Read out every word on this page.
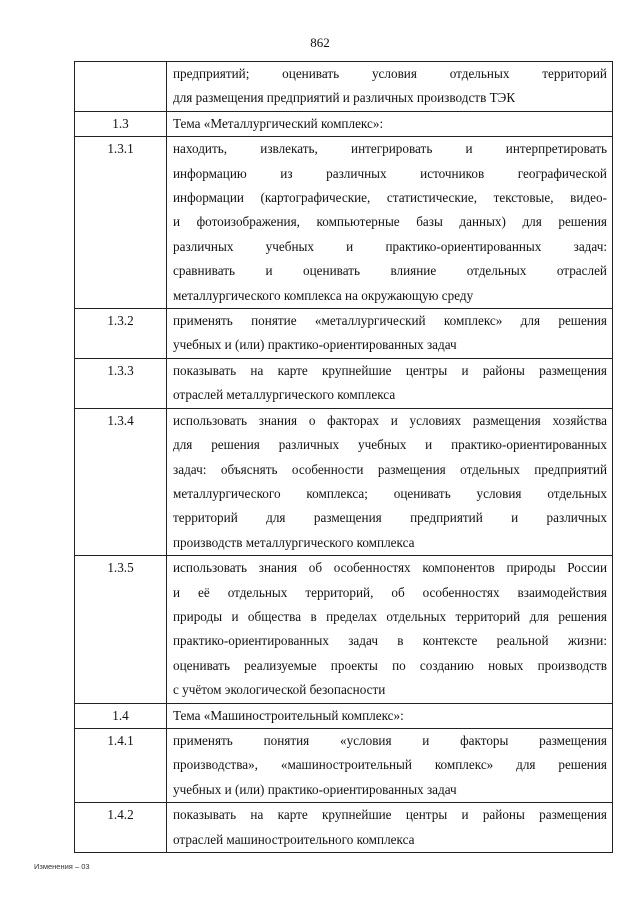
862
предприятий; оценивать условия отдельных территорий
для размещения предприятий и различных производств ТЭК
1.3	Тема «Металлургический комплекс»:
1.3.1	находить, извлекать, интегрировать и интерпретировать
информацию из различных источников географической
информации (картографические, статистические, текстовые, видео-
и фотоизображения, компьютерные базы данных) для решения
различных учебных и практико-ориентированных задач:
сравнивать и оценивать влияние отдельных отраслей
металлургического комплекса на окружающую среду
1.3.2	применять понятие «металлургический комплекс» для решения
учебных и (или) практико-ориентированных задач
1.3.3	показывать на карте крупнейшие центры и районы размещения
отраслей металлургического комплекса
1.3.4	использовать знания о факторах и условиях размещения хозяйства
для решения различных учебных и практико-ориентированных
задач: объяснять особенности размещения отдельных предприятий
металлургического комплекса; оценивать условия отдельных
территорий для размещения предприятий и различных
производств металлургического комплекса
1.3.5	использовать знания об особенностях компонентов природы России
и её отдельных территорий, об особенностях взаимодействия
природы и общества в пределах отдельных территорий для решения
практико-ориентированных задач в контексте реальной жизни:
оценивать реализуемые проекты по созданию новых производств
с учётом экологической безопасности
1.4	Тема «Машиностроительный комплекс»:
1.4.1	применять понятия «условия и факторы размещения
производства», «машиностроительный комплекс» для решения
учебных и (или) практико-ориентированных задач
1.4.2	показывать на карте крупнейшие центры и районы размещения
отраслей машиностроительного комплекса
Изменения – 03
